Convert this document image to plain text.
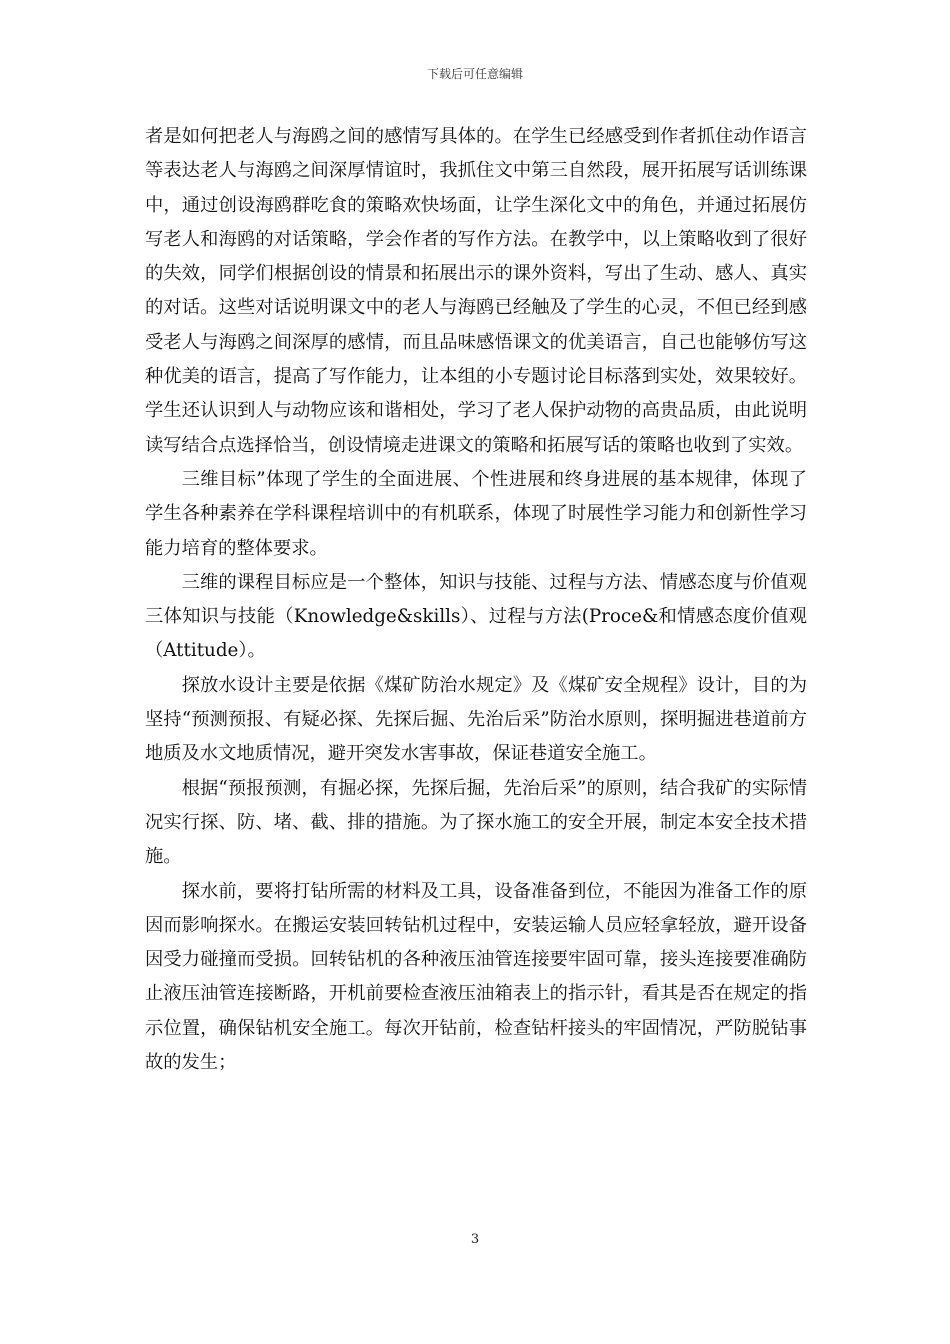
下载后可任意编辑

者是如何把老人与海鸥之间的感情写具体的。在学生已经感受到作者抓住动作语言等表达老人与海鸥之间深厚情谊时，我抓住文中第三自然段，展开拓展写话训练课中，通过创设海鸥群吃食的策略欢快场面，让学生深化文中的角色，并通过拓展仿写老人和海鸥的对话策略，学会作者的写作方法。在教学中，以上策略收到了很好的失效，同学们根据创设的情景和拓展出示的课外资料，写出了生动、感人、真实的对话。这些对话说明课文中的老人与海鸥已经触及了学生的心灵，不但已经到感受老人与海鸥之间深厚的感情，而且品味感悟课文的优美语言，自己也能够仿写这种优美的语言，提高了写作能力，让本组的小专题讨论目标落到实处，效果较好。学生还认识到人与动物应该和谐相处，学习了老人保护动物的高贵品质，由此说明读写结合点选择恰当，创设情境走进课文的策略和拓展写话的策略也收到了实效。

三维目标”体现了学生的全面进展、个性进展和终身进展的基本规律，体现了学生各种素养在学科课程培训中的有机联系，体现了时展性学习能力和创新性学习能力培育的整体要求。

三维的课程目标应是一个整体，知识与技能、过程与方法、情感态度与价值观三体知识与技能（Knowledge&skills）、过程与方法(Proce&和情感态度价值观（Attitude）。

探放水设计主要是依据《煤矿防治水规定》及《煤矿安全规程》设计，目的为坚持“预测预报、有疑必探、先探后掘、先治后采”防治水原则，探明掘进巷道前方地质及水文地质情况，避开突发水害事故，保证巷道安全施工。

根据“预报预测，有掘必探，先探后掘，先治后采”的原则，结合我矿的实际情况实行探、防、堵、截、排的措施。为了探水施工的安全开展，制定本安全技术措施。

探水前，要将打钻所需的材料及工具，设备准备到位，不能因为准备工作的原因而影响探水。在搬运安装回转钻机过程中，安装运输人员应轻拿轻放，避开设备因受力碰撞而受损。回转钻机的各种液压油管连接要牢固可靠，接头连接要准确防止液压油管连接断路，开机前要检查液压油箱表上的指示针，看其是否在规定的指示位置，确保钻机安全施工。每次开钻前，检查钻杆接头的牢固情况，严防脱钻事故的发生；

3
